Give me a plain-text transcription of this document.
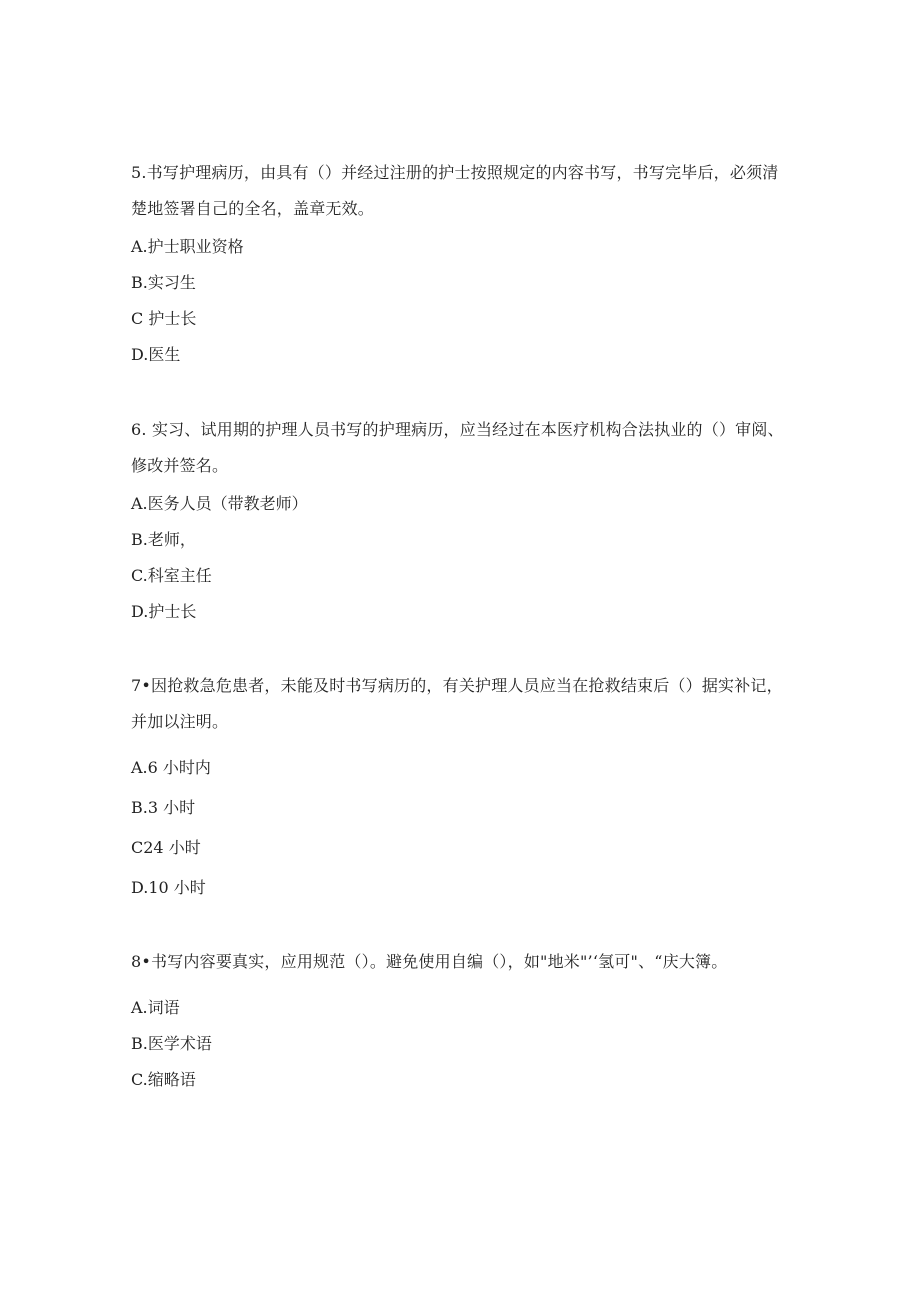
5.书写护理病历，由具有（）并经过注册的护士按照规定的内容书写，书写完毕后，必须清楚地签署自己的全名，盖章无效。

A.护士职业资格
B.实习生
C 护士长
D.医生

6. 实习、试用期的护理人员书写的护理病历，应当经过在本医疗机构合法执业的（）审阅、修改并签名。

A.医务人员（带教老师）
B.老师，
C.科室主任
D.护士长

7•因抢救急危患者，未能及时书写病历的，有关护理人员应当在抢救结束后（）据实补记，并加以注明。

A.6 小时内
B.3 小时
C24 小时
D.10 小时

8•书写内容要真实，应用规范（）。避免使用自编（），如"地米"’‘氢可"、“庆大簿。

A.词语
B.医学术语
C.缩略语
